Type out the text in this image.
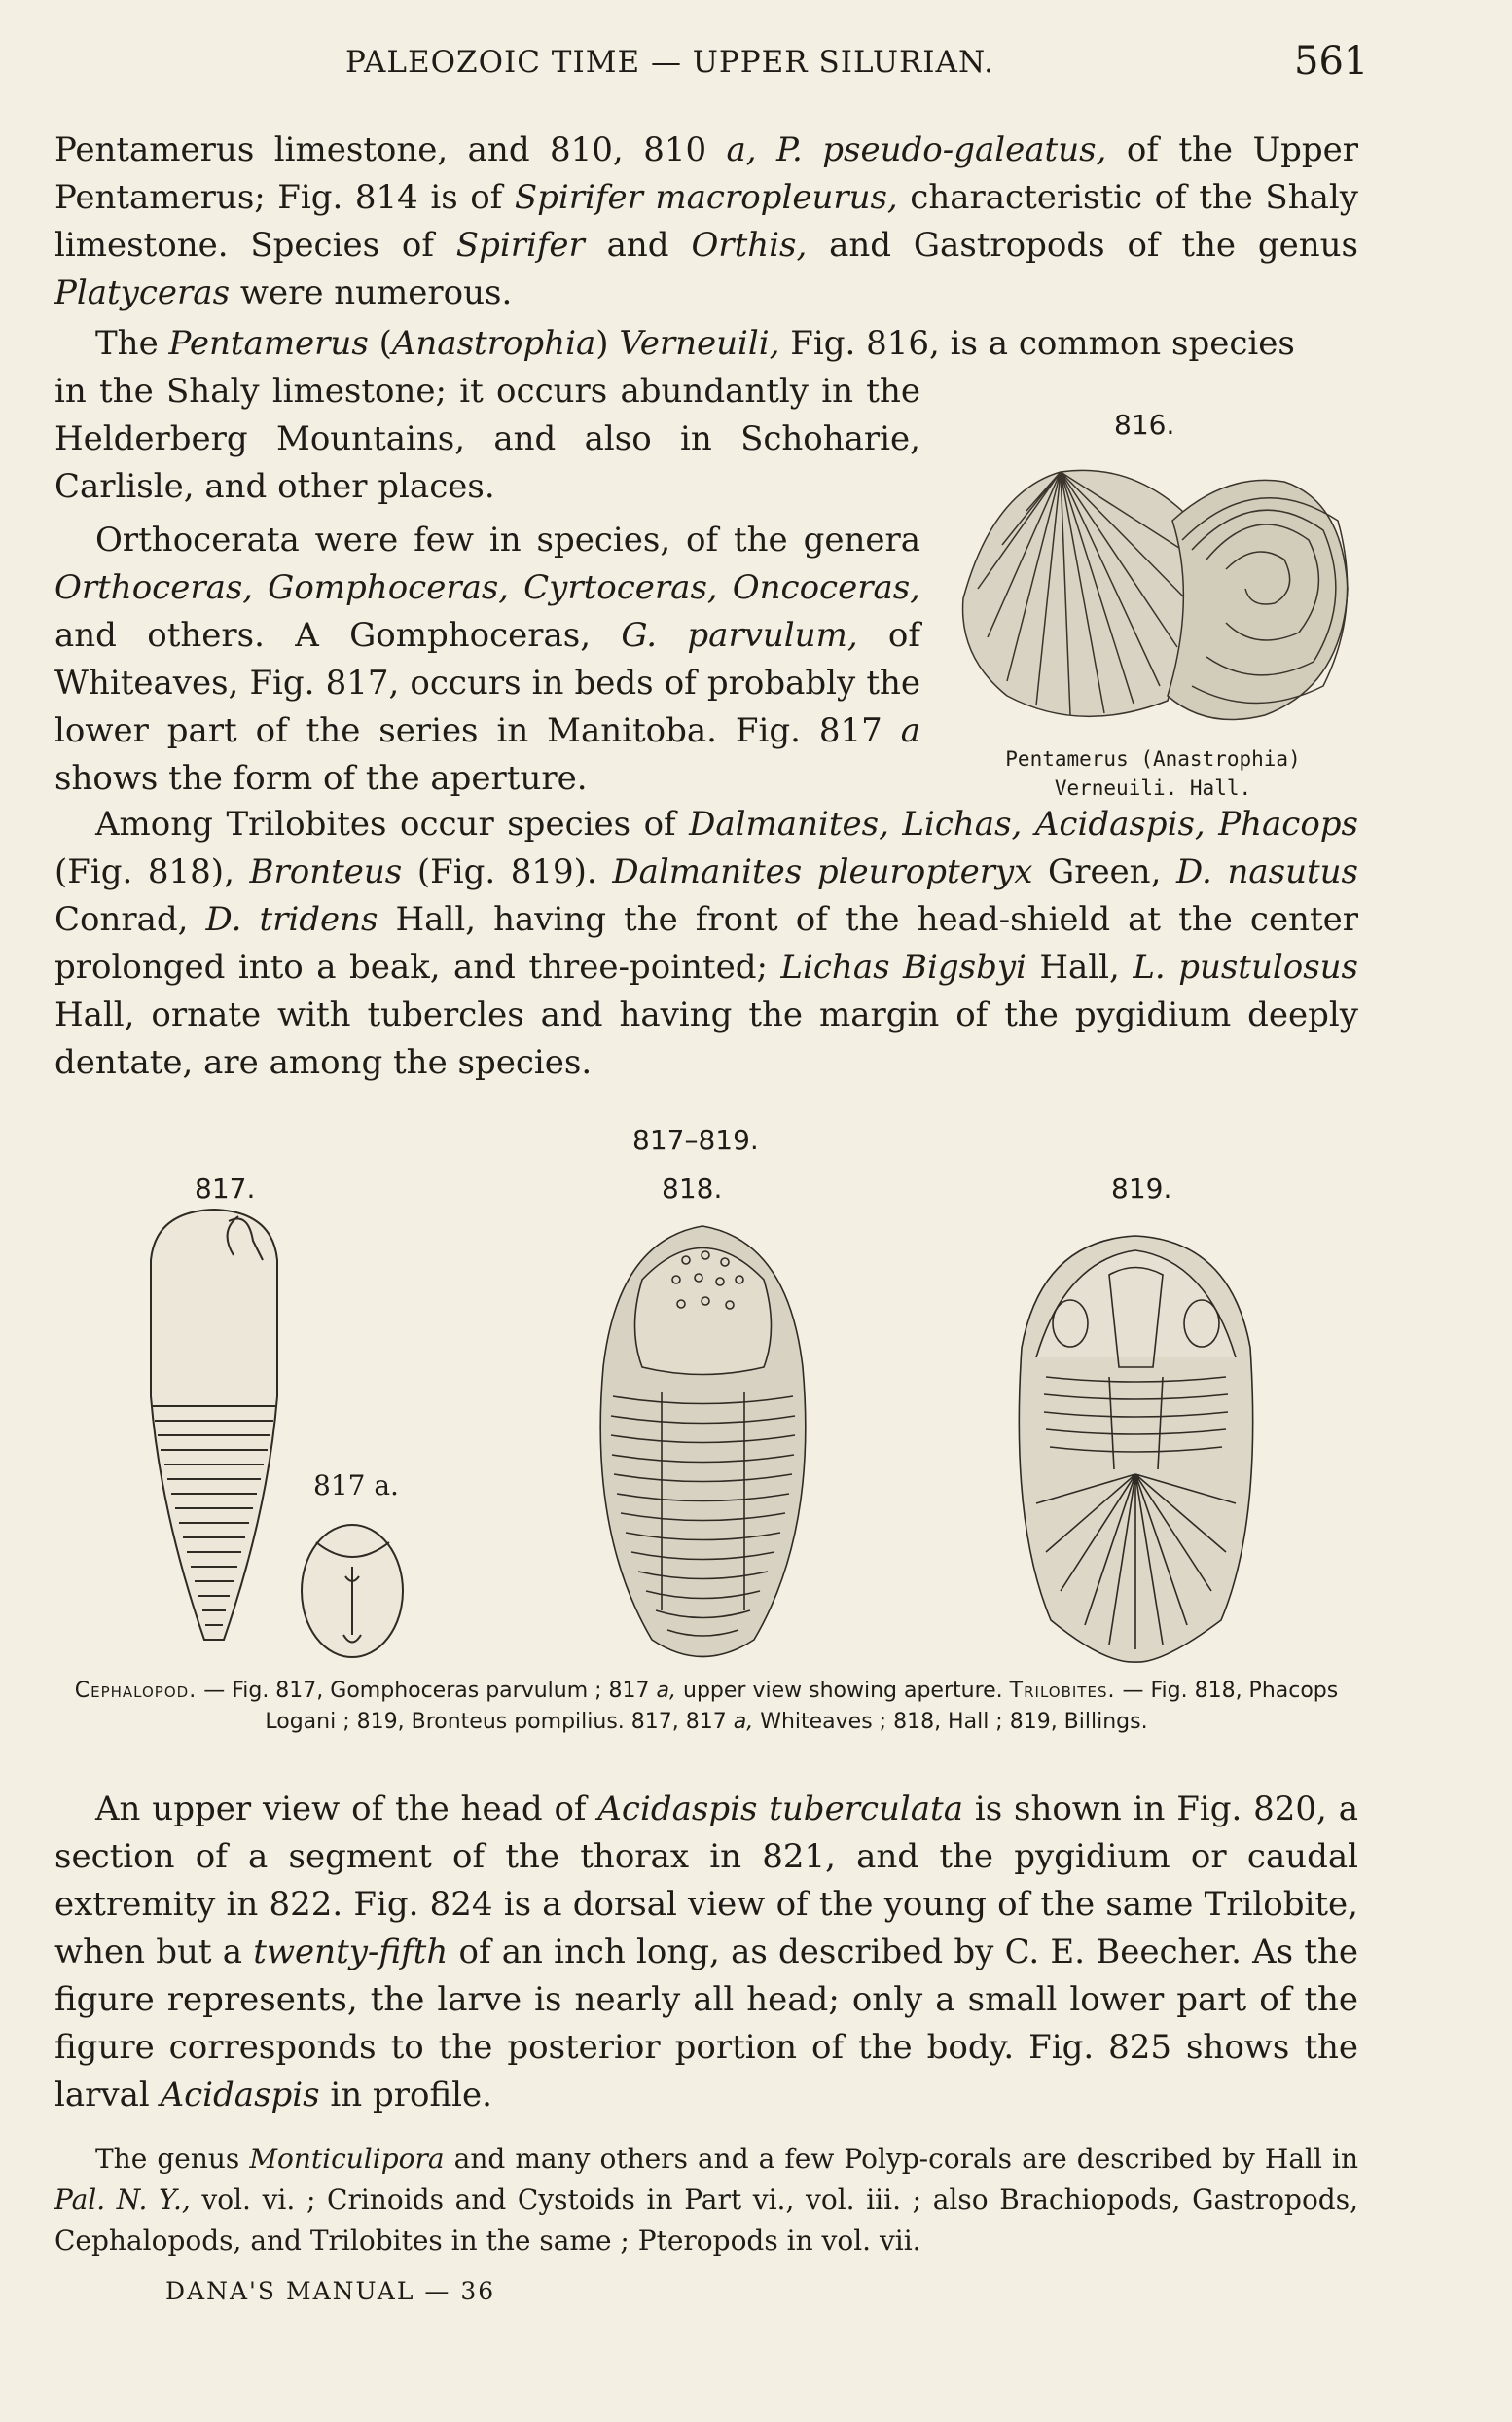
PALEOZOIC TIME — UPPER SILURIAN.	561

Pentamerus limestone, and 810, 810 a, P. pseudo-galeatus, of the Upper Pentamerus; Fig. 814 is of Spirifer macropleurus, characteristic of the Shaly limestone. Species of Spirifer and Orthis, and Gastropods of the genus Platyceras were numerous.

The Pentamerus (Anastrophia) Verneuili, Fig. 816, is a common species
in the Shaly limestone; it occurs abundantly in the Helderberg Mountains, and also in Schoharie, Carlisle, and other places.

Orthocerata were few in species, of the genera Orthoceras, Gomphoceras, Cyrtoceras, Oncoceras, and others. A Gomphoceras, G. parvulum, of Whiteaves, Fig. 817, occurs in beds of probably the lower part of the series in Manitoba. Fig. 817 a shows the form of the aperture.

Among Trilobites occur species of Dalmanites, Lichas, Acidaspis, Phacops (Fig. 818), Bronteus (Fig. 819). Dalmanites pleuropteryx Green, D. nasutus Conrad, D. tridens Hall, having the front of the head-shield at the center prolonged into a beak, and three-pointed; Lichas Bigsbyi Hall, L. pustulosus Hall, ornate with tubercles and having the margin of the pygidium deeply dentate, are among the species.

816.
Pentamerus (Anastrophia) Verneuili. Hall.
817–819.
817.	818.	819.
817 a.
Cephalopod. — Fig. 817, Gomphoceras parvulum ; 817 a, upper view showing aperture. Trilobites. — Fig. 818, Phacops Logani ; 819, Bronteus pompilius. 817, 817 a, Whiteaves ; 818, Hall ; 819, Billings.

An upper view of the head of Acidaspis tuberculata is shown in Fig. 820, a section of a segment of the thorax in 821, and the pygidium or caudal extremity in 822. Fig. 824 is a dorsal view of the young of the same Trilobite, when but a twenty-fifth of an inch long, as described by C. E. Beecher. As the figure represents, the larve is nearly all head; only a small lower part of the figure corresponds to the posterior portion of the body. Fig. 825 shows the larval Acidaspis in profile.

The genus Monticulipora and many others and a few Polyp-corals are described by Hall in Pal. N. Y., vol. vi. ; Crinoids and Cystoids in Part vi., vol. iii. ; also Brachiopods, Gastropods, Cephalopods, and Trilobites in the same ; Pteropods in vol. vii.

DANA'S MANUAL — 36
